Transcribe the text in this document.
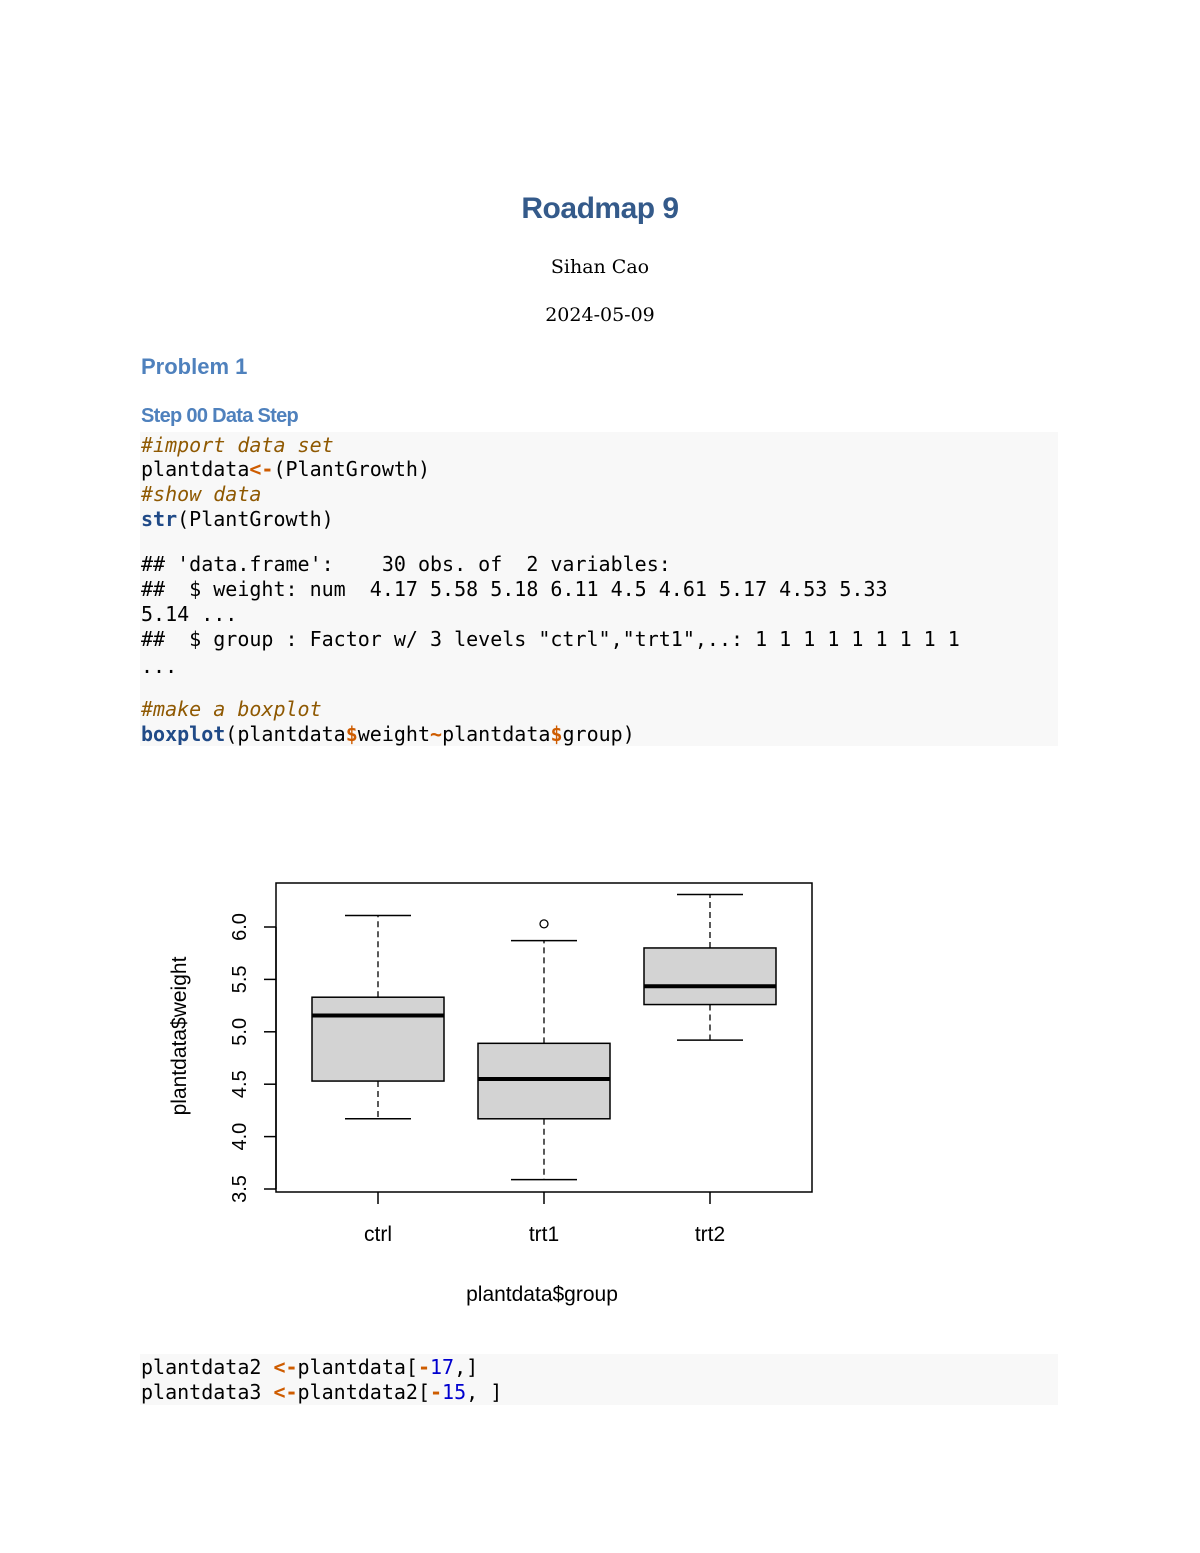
Roadmap 9
Sihan Cao
2024-05-09
Problem 1
Step 00 Data Step
#import data set
plantdata<-(PlantGrowth)
#show data
str(PlantGrowth)
## 'data.frame':    30 obs. of  2 variables:
##  $ weight: num  4.17 5.58 5.18 6.11 4.5 4.61 5.17 4.53 5.33
5.14 ...
##  $ group : Factor w/ 3 levels "ctrl","trt1",..: 1 1 1 1 1 1 1 1 1
...
#make a boxplot
boxplot(plantdata$weight~plantdata$group)
3.5
4.0
4.5
5.0
5.5
6.0
ctrl	trt1	trt2
plantdata$group
plantdata$weight
plantdata2 <-plantdata[-17,]
plantdata3 <-plantdata2[-15, ]
